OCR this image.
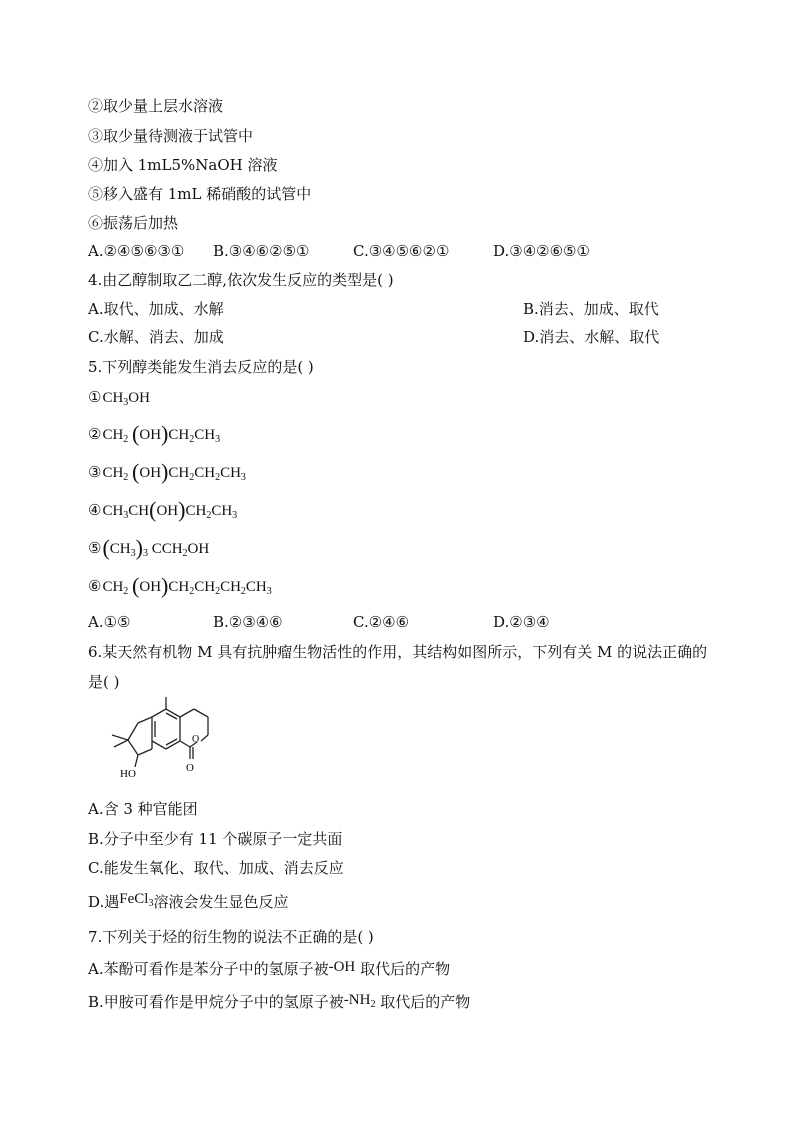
②取少量上层水溶液
③取少量待测液于试管中
④加入 1mL5%NaOH 溶液
⑤移入盛有 1mL 稀硝酸的试管中
⑥振荡后加热
A.②④⑤⑥③① B.③④⑥②⑤①	C.③④⑤⑥②①	D.③④②⑥⑤①
4.由乙醇制取乙二醇,依次发生反应的类型是( )
A.取代、加成、水解	B.消去、加成、取代
C.水解、消去、加成	D.消去、水解、取代
5.下列醇类能发生消去反应的是( )
$①CH_3OH$
$②CH_2$ $(OH)CH_2CH_3$
$③CH_2$ $(OH)CH_2CH_2CH_3$
$④CH_3CH(OH)CH_2CH_3$
$⑤(CH_3)_3$ $CCH_2OH$
$⑥CH_2$ $(OH)CH_2CH_2CH_2CH_3$
A.①⑤	B.②③④⑥	C.②④⑥	D.②③④
6.某天然有机物 M 具有抗肿瘤生物活性的作用，其结构如图所示，下列有关 M 的说法正确的
是( )
O
O
HO
A.含 3 种官能团
B.分子中至少有 11 个碳原子一定共面
C.能发生氧化、取代、加成、消去反应
D.遇FeCl$_3$溶液会发生显色反应
7.下列关于烃的衍生物的说法不正确的是( )
A.苯酚可看作是苯分子中的氢原子被-OH 取代后的产物
B.甲胺可看作是甲烷分子中的氢原子被$-NH_2$ 取代后的产物
